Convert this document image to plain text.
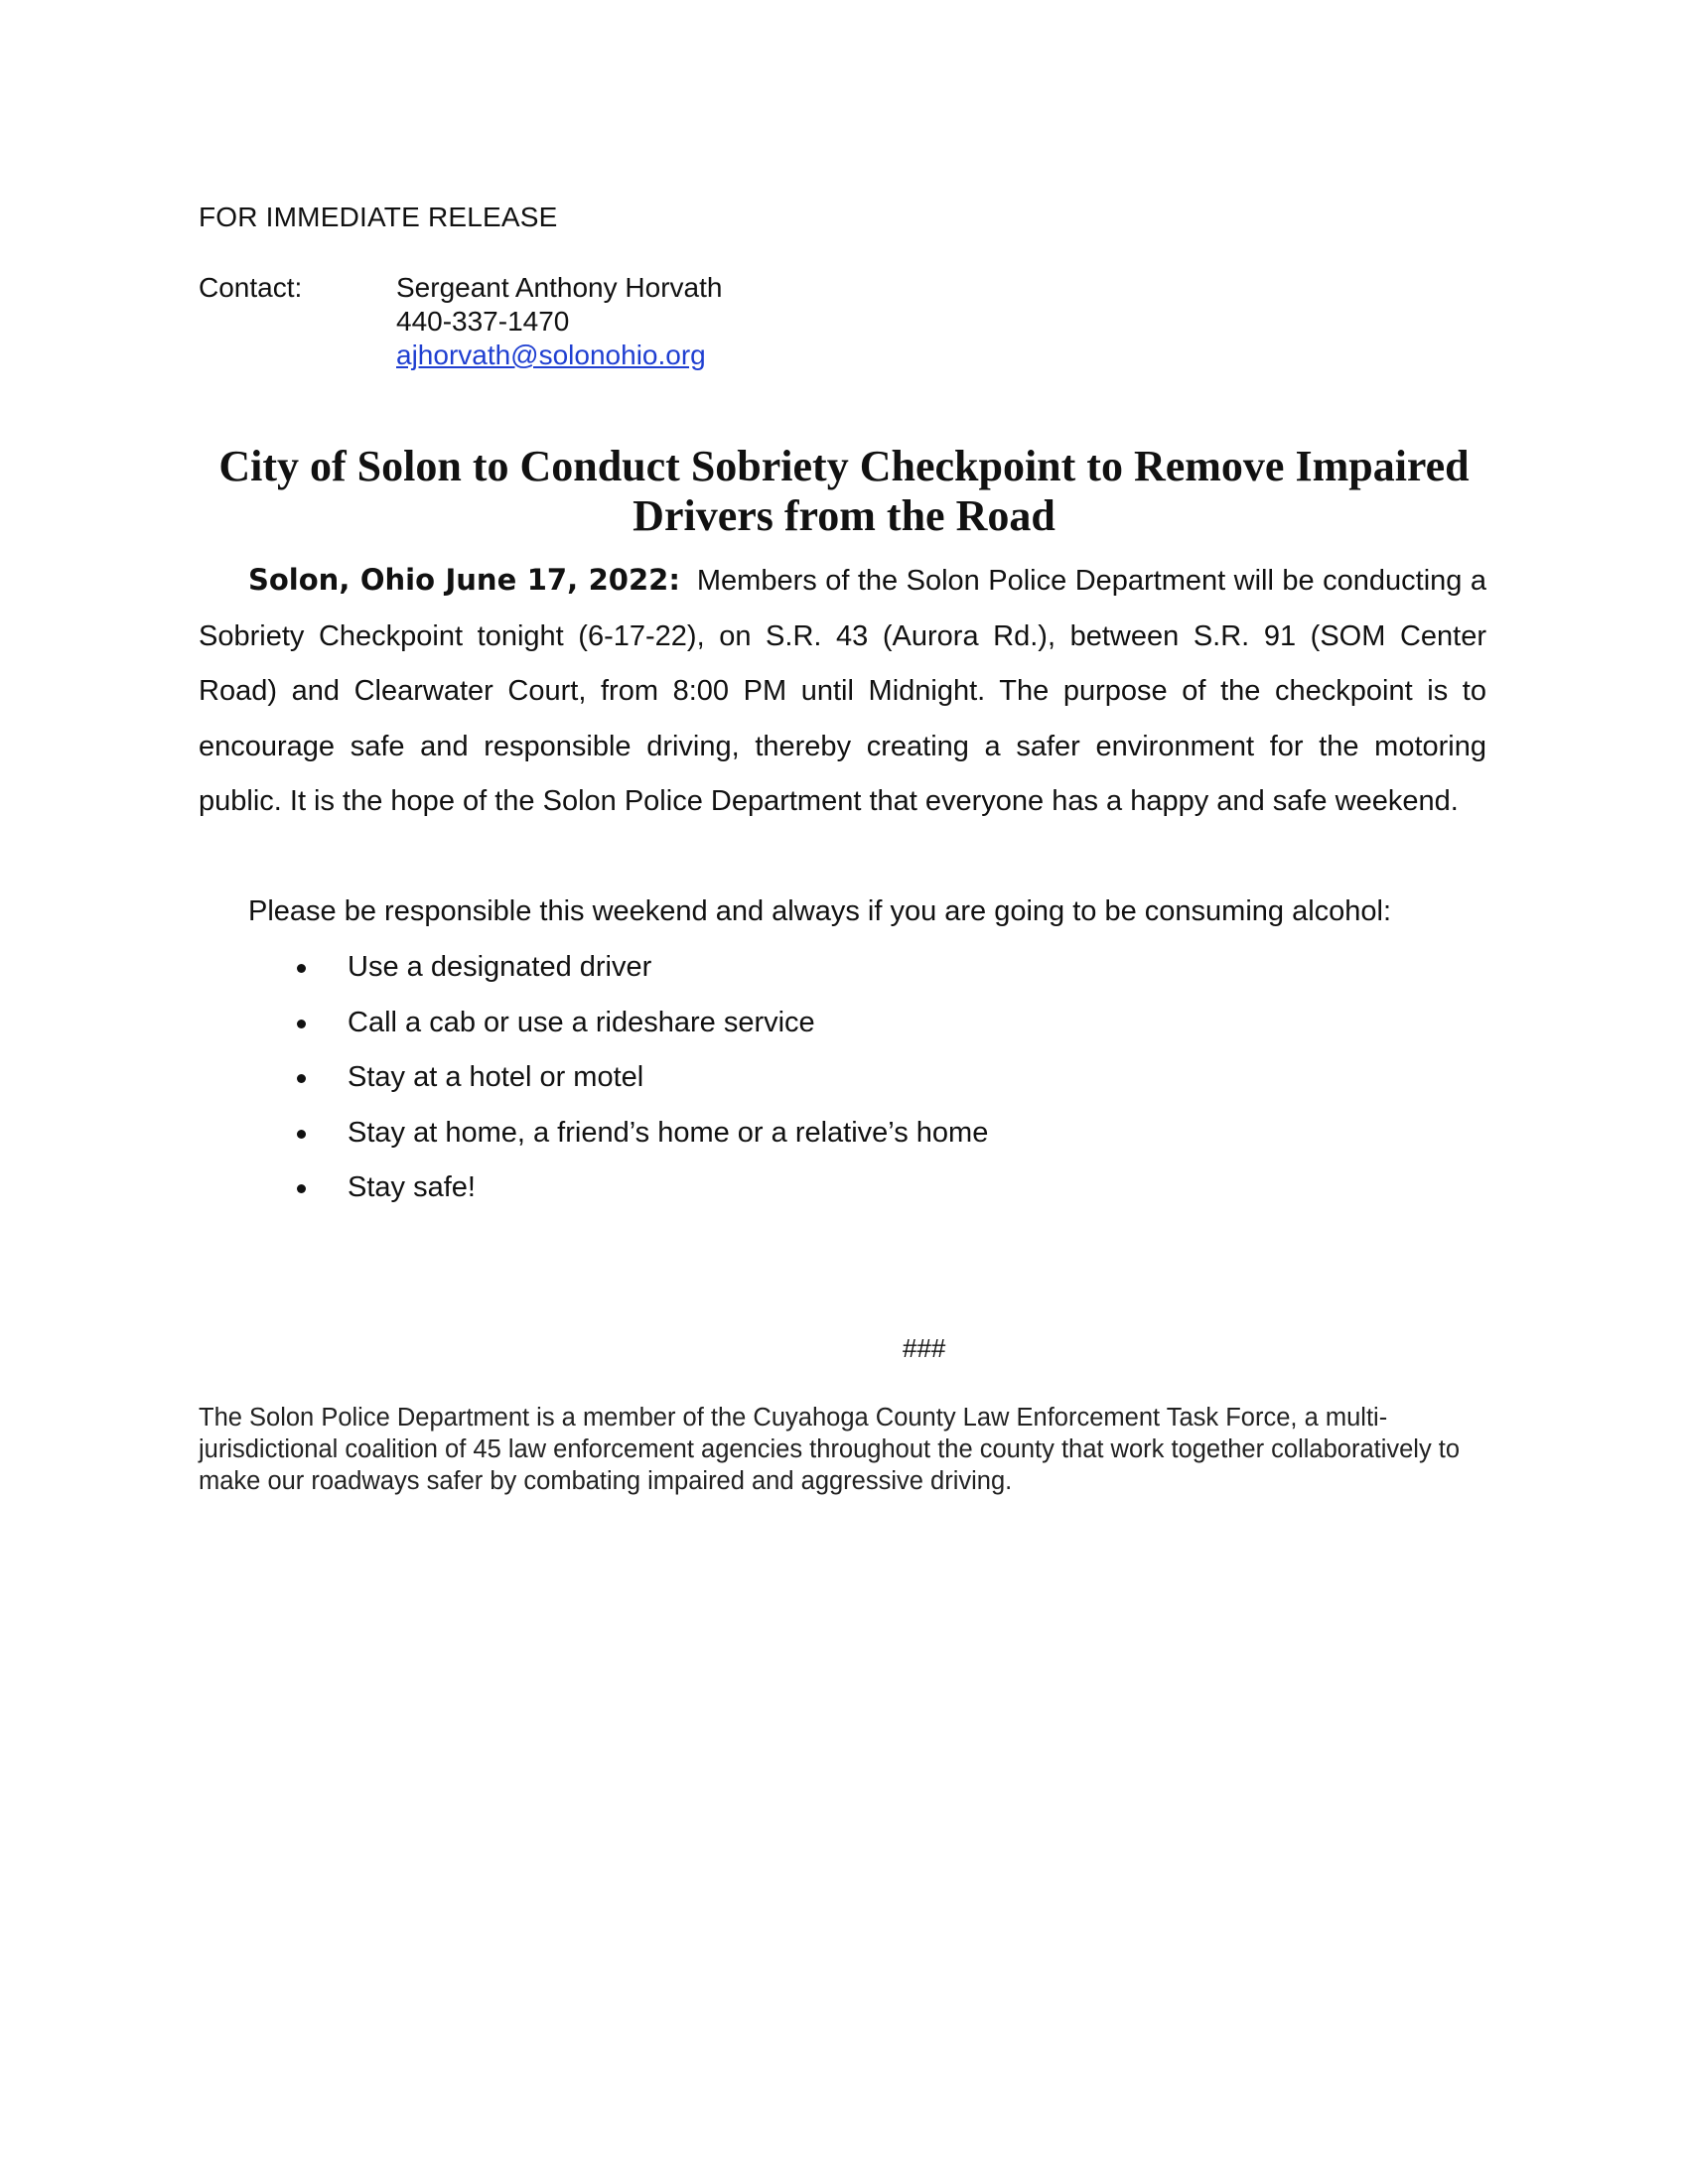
FOR IMMEDIATE RELEASE
Contact:	Sergeant Anthony Horvath
440-337-1470
ajhorvath@solonohio.org
City of Solon to Conduct Sobriety Checkpoint to Remove Impaired Drivers from the Road
Solon, Ohio June 17, 2022: Members of the Solon Police Department will be conducting a Sobriety Checkpoint tonight (6-17-22), on S.R. 43 (Aurora Rd.), between S.R. 91 (SOM Center Road) and Clearwater Court, from 8:00 PM until Midnight. The purpose of the checkpoint is to encourage safe and responsible driving, thereby creating a safer environment for the motoring public. It is the hope of the Solon Police Department that everyone has a happy and safe weekend.
Please be responsible this weekend and always if you are going to be consuming alcohol:
Use a designated driver
Call a cab or use a rideshare service
Stay at a hotel or motel
Stay at home, a friend’s home or a relative’s home
Stay safe!
###
The Solon Police Department is a member of the Cuyahoga County Law Enforcement Task Force, a multi-jurisdictional coalition of 45 law enforcement agencies throughout the county that work together collaboratively to make our roadways safer by combating impaired and aggressive driving.
